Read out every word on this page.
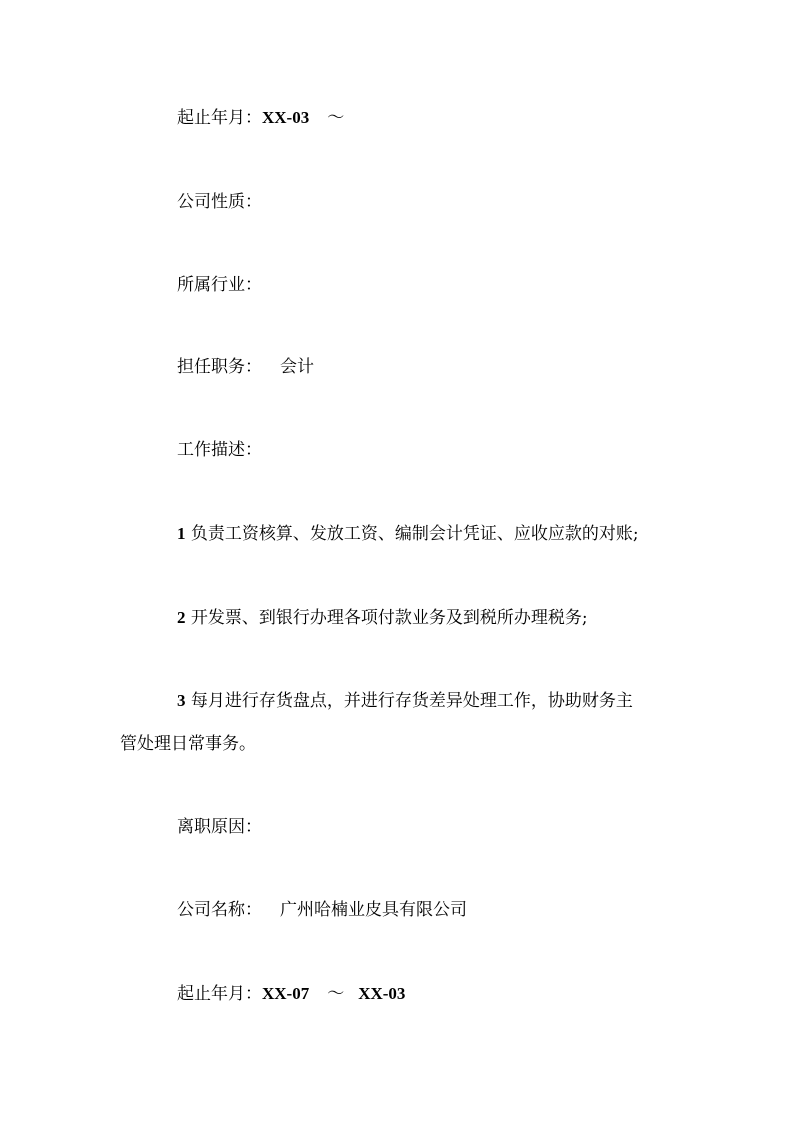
起止年月：XX-03 ～
公司性质：
所属行业：
担任职务： 会计
工作描述：
1 负责工资核算、发放工资、编制会计凭证、应收应款的对账;
2 开发票、到银行办理各项付款业务及到税所办理税务;
3 每月进行存货盘点，并进行存货差异处理工作，协助财务主
管处理日常事务。
离职原因：
公司名称： 广州哈楠业皮具有限公司
起止年月：XX-07 ～ XX-03
